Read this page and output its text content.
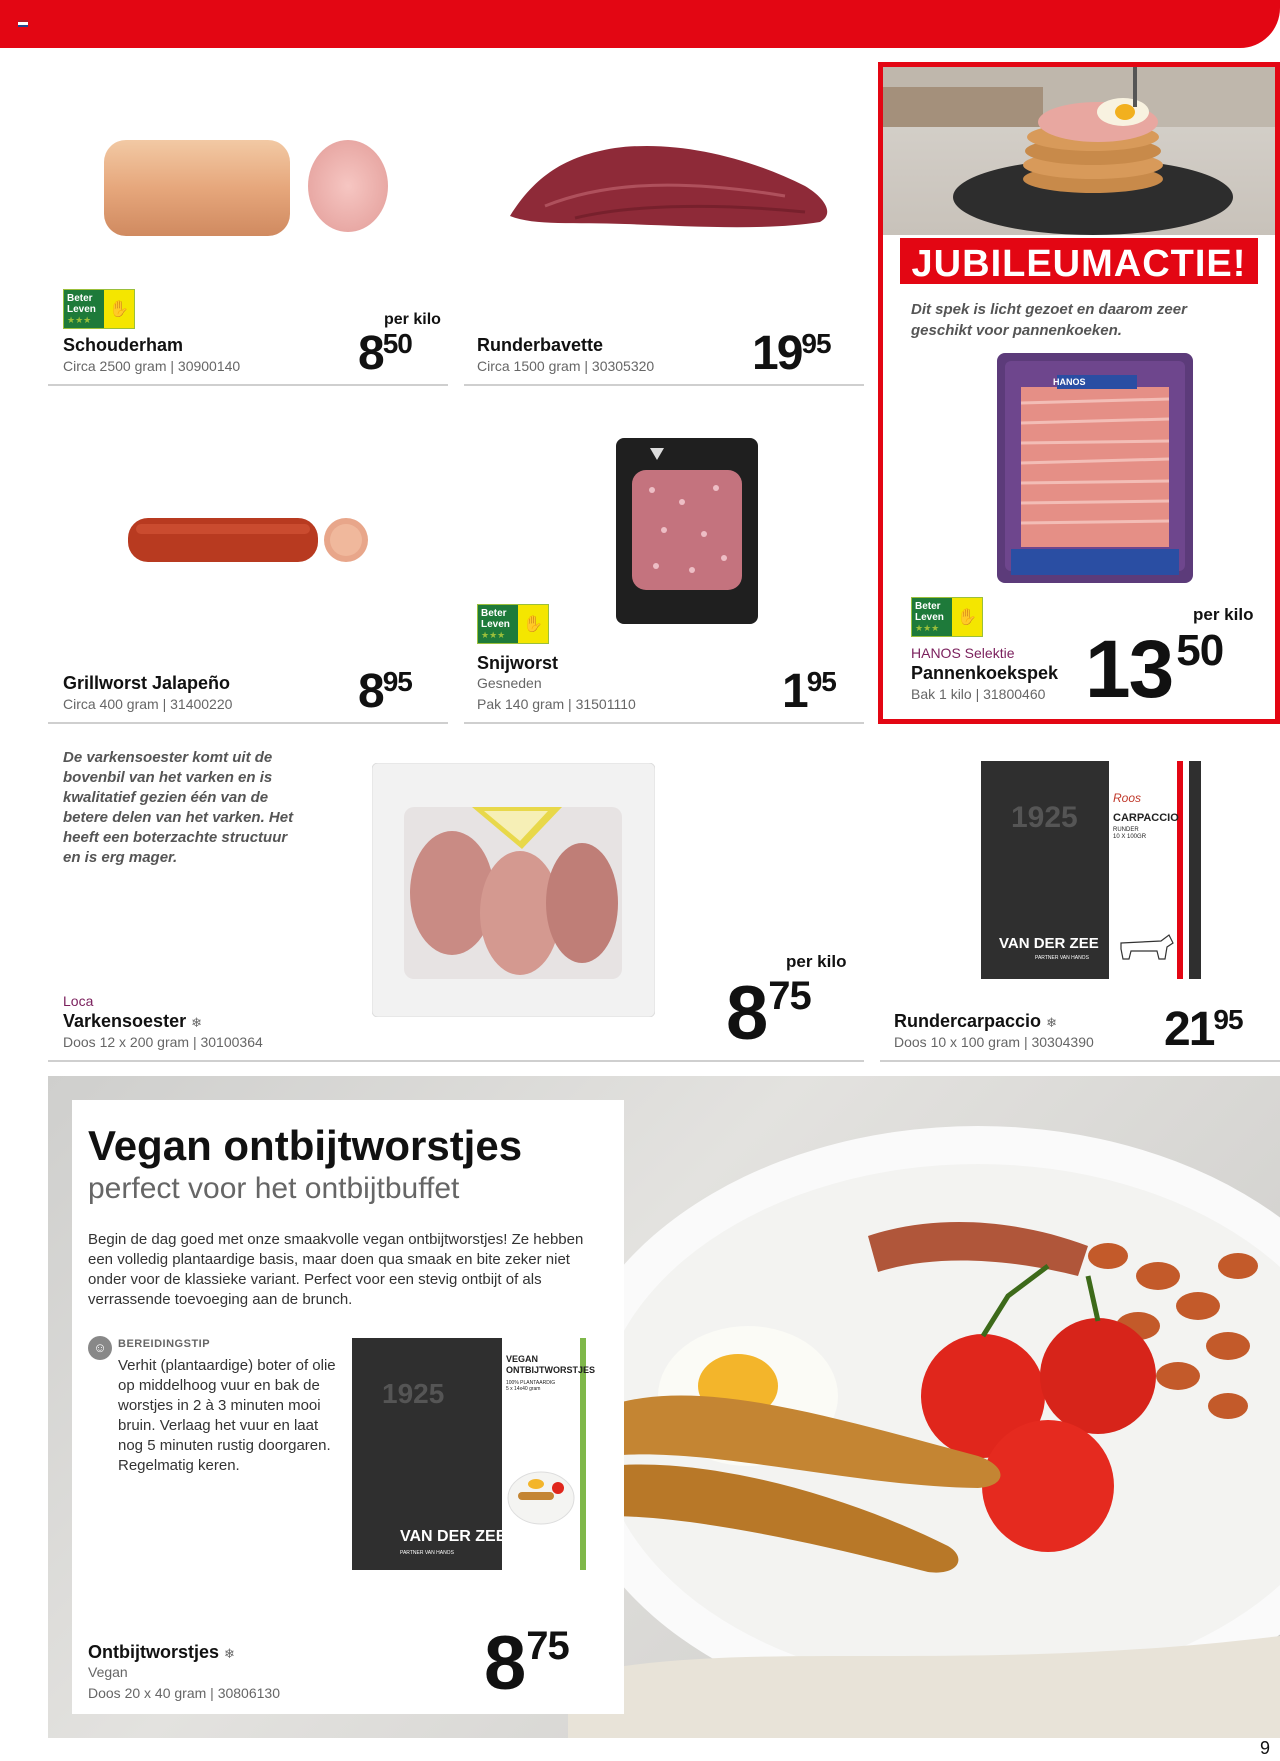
Beter Leven
★★★
✋
per kilo
Schouderham
Circa 2500 gram | 30900140 850	Runderbavette
Circa 1500 gram | 30305320 1995
JUBILEUMACTIE!
Dit spek is licht gezoet en daarom zeer geschikt voor pannenkoeken.
HANOS
Beter Leven
★★★
✋	per kilo
HANOS Selektie
Pannenkoekspek
Bak 1 kilo | 31800460 1350
Grillworst Jalapeño
Circa 400 gram | 31400220	895
Beter Leven
★★★
✋
Snijworst
Gesneden
Pak 140 gram | 31501110	195
De varkensoester komt uit de bovenbil van het varken en is kwalitatief gezien één van de betere delen van het varken. Het heeft een boterzachte structuur en is erg mager.
per kilo
Loca
Varkensoester ❄
Doos 12 x 200 gram | 30100364	875
1925
Roos
CARPACCIO
RUNDER
10 X 100GR
VAN DER ZEE
PARTNER VAN HANOS
Rundercarpaccio ❄
Doos 10 x 100 gram | 30304390 2195
Vegan ontbijtworstjes
perfect voor het ontbijtbuffet
Begin de dag goed met onze smaakvolle vegan ontbijtworstjes! Ze hebben een volledig plantaardige basis, maar doen qua smaak en bite zeker niet onder voor de klassieke variant. Perfect voor een stevig ontbijt of als verrassende toevoeging aan de brunch.
☺	BEREIDINGSTIP
Verhit (plantaardige) boter of olie op middelhoog vuur en bak de worstjes in 2 à 3 minuten mooi bruin. Verlaag het vuur en laat nog 5 minuten rustig doorgaren. Regelmatig keren.
1925
VEGAN
ONTBIJTWORSTJES
100% PLANTAARDIG
5 x 14x40 gram
VAN DER ZEE
PARTNER VAN HANOS
Ontbijtworstjes ❄
Vegan
Doos 20 x 40 gram | 30806130	875
9
